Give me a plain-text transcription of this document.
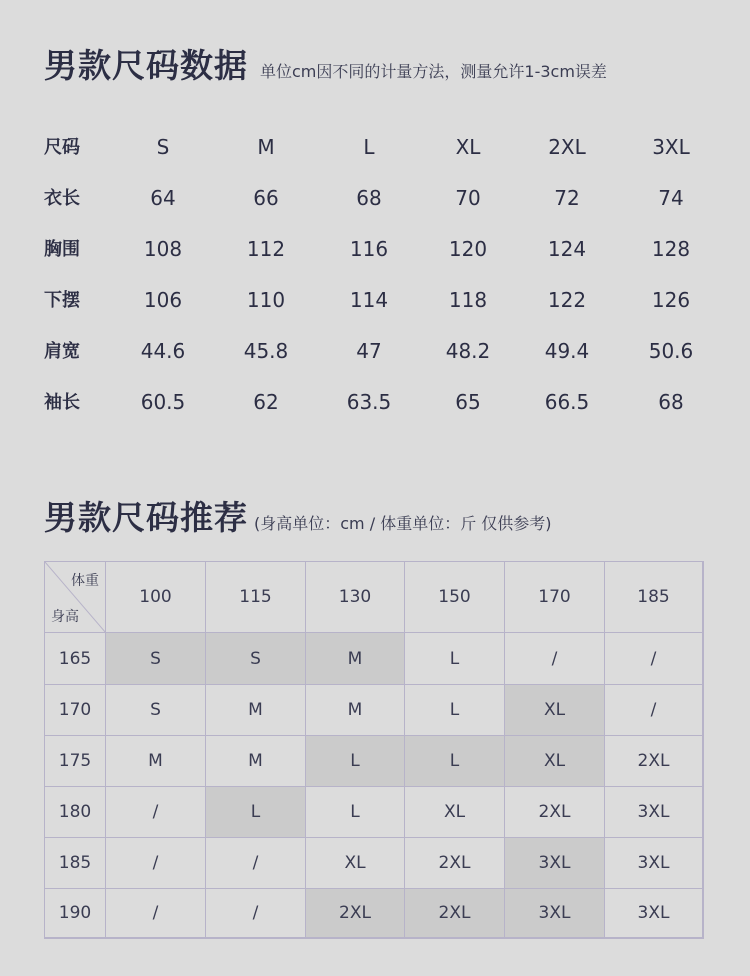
男款尺码数据 单位cm因不同的计量方法，测量允许1-3cm误差
尺码	S	M	L	XL	2XL	3XL
衣长	64	66	68	70	72	74
胸围	108	112	116	120	124	128
下摆	106	110	114	118	122	126
肩宽	44.6	45.8	47	48.2	49.4	50.6
袖长	60.5	62	63.5	65	66.5	68
男款尺码推荐 (身高单位：cm / 体重单位：斤 仅供参考)
体重
身高
100	115	130	150	170	185
165	S	S	M	L	/	/
170	S	M	M	L	XL	/
175	M	M	L	L	XL	2XL
180	/	L	L	XL	2XL	3XL
185	/	/	XL	2XL	3XL	3XL
190	/	/	2XL	2XL	3XL	3XL
